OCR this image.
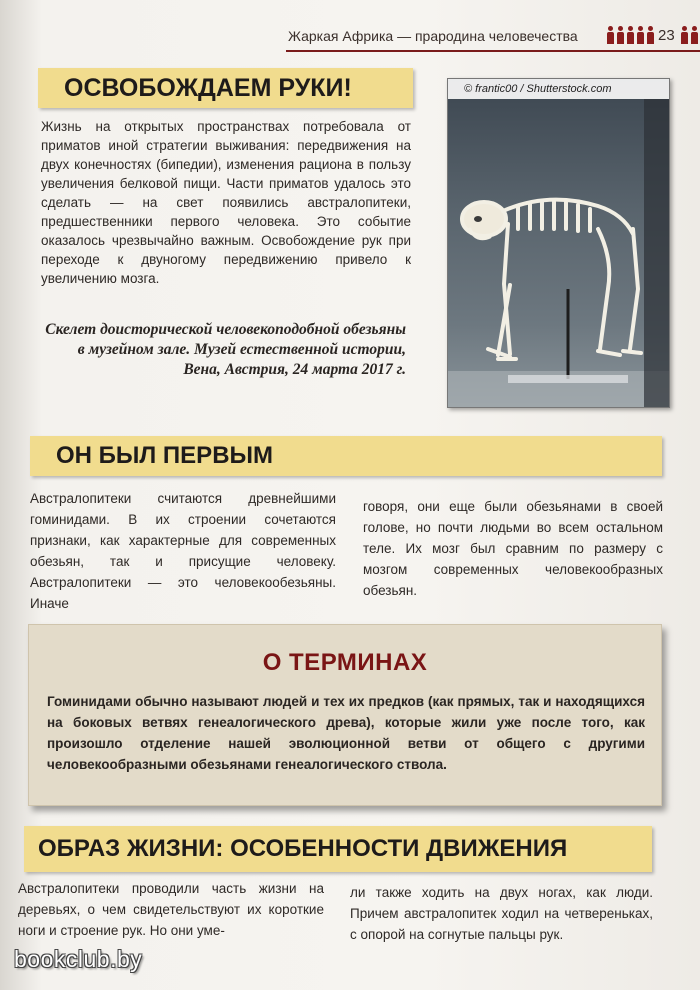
Жаркая Африка — прародина человечества	23
ОСВОБОЖДАЕМ РУКИ!
Жизнь на открытых пространствах потребовала от приматов иной стратегии выживания: передвижения на двух конечностях (бипедии), изменения рациона в пользу увеличения белковой пищи. Части приматов удалось это сделать — на свет появились австралопитеки, предшественники первого человека. Это событие оказалось чрезвычайно важным. Освобождение рук при переходе к двуногому передвижению привело к увеличению мозга.
Скелет доисторической человекоподобной обезьяны в музейном зале. Музей естественной истории, Вена, Австрия, 24 марта 2017 г.
© frantic00 / Shutterstock.com
ОН БЫЛ ПЕРВЫМ
Австралопитеки считаются древнейшими гоминидами. В их строении сочетаются признаки, как характерные для современных обезьян, так и присущие человеку. Австралопитеки — это человекообезьяны. Иначе
говоря, они еще были обезьянами в своей голове, но почти людьми во всем остальном теле. Их мозг был сравним по размеру с мозгом современных человекообразных обезьян.
О ТЕРМИНАХ
Гоминидами обычно называют людей и тех их предков (как прямых, так и находящихся на боковых ветвях генеалогического древа), которые жили уже после того, как произошло отделение нашей эволюционной ветви от общего с другими человекообразными обезьянами генеалогического ствола.
ОБРАЗ ЖИЗНИ: ОСОБЕННОСТИ ДВИЖЕНИЯ
Австралопитеки проводили часть жизни на деревьях, о чем свидетельствуют их короткие ноги и строение рук. Но они уме-
ли также ходить на двух ногах, как люди. Причем австралопитек ходил на четвереньках, с опорой на согнутые пальцы рук.
bookclub.by
